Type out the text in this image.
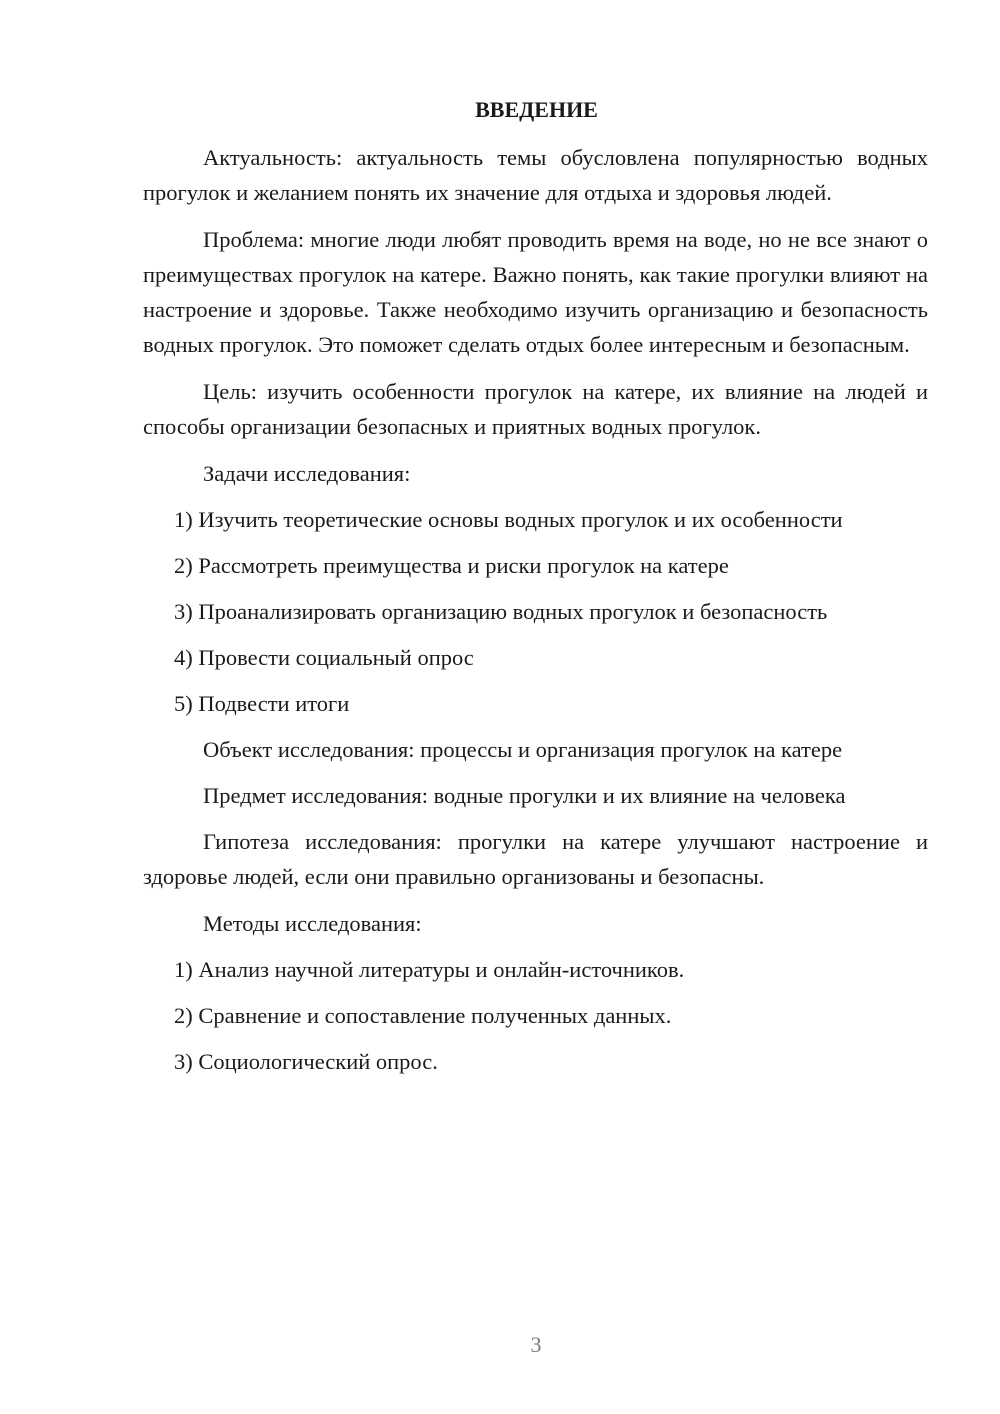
ВВЕДЕНИЕ

Актуальность: актуальность темы обусловлена популярностью водных прогулок и желанием понять их значение для отдыха и здоровья людей.

Проблема: многие люди любят проводить время на воде, но не все знают о преимуществах прогулок на катере. Важно понять, как такие прогулки влияют на настроение и здоровье. Также необходимо изучить организацию и безопасность водных прогулок. Это поможет сделать отдых более интересным и безопасным.

Цель: изучить особенности прогулок на катере, их влияние на людей и способы организации безопасных и приятных водных прогулок.

Задачи исследования:
1) Изучить теоретические основы водных прогулок и их особенности
2) Рассмотреть преимущества и риски прогулок на катере
3) Проанализировать организацию водных прогулок и безопасность
4) Провести социальный опрос
5) Подвести итоги
Объект исследования: процессы и организация прогулок на катере
Предмет исследования: водные прогулки и их влияние на человека

Гипотеза исследования: прогулки на катере улучшают настроение и здоровье людей, если они правильно организованы и безопасны.

Методы исследования:
1) Анализ научной литературы и онлайн-источников.
2) Сравнение и сопоставление полученных данных.
3) Социологический опрос.
3
